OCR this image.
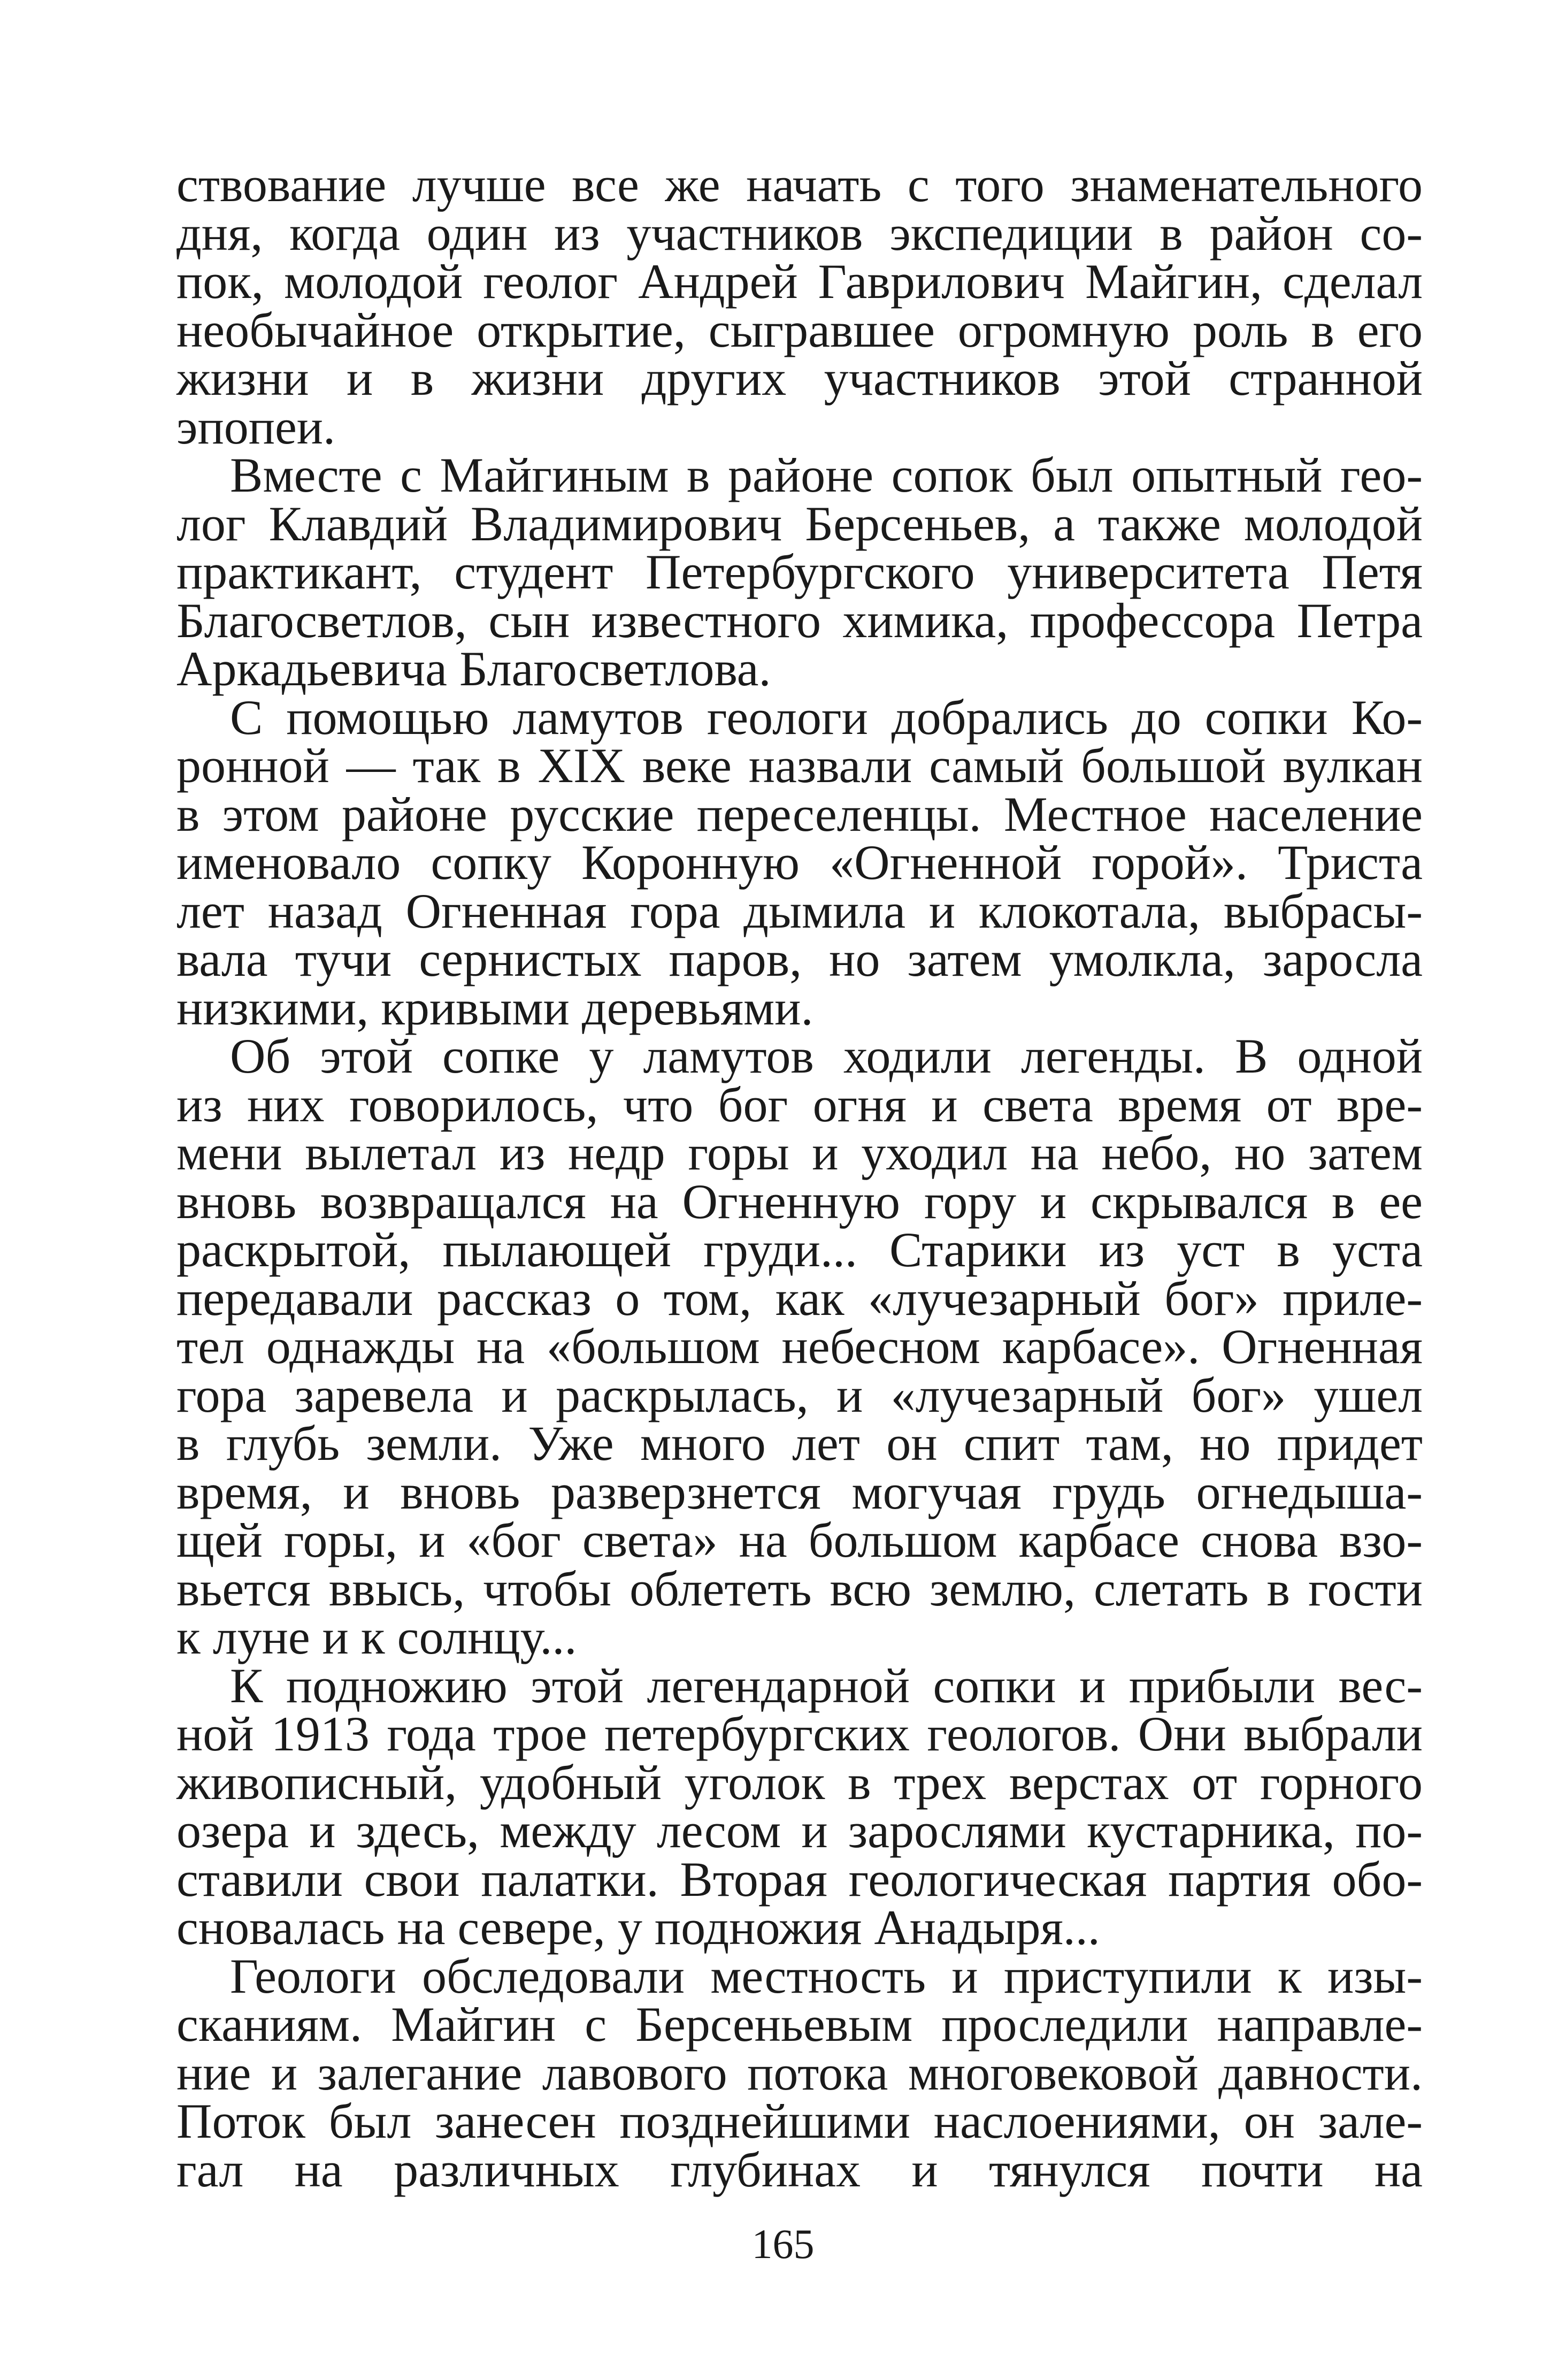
ствование лучше все же начать с того знаменательного
дня, когда один из участников экспедиции в район со-
пок, молодой геолог Андрей Гаврилович Майгин, сделал
необычайное открытие, сыгравшее огромную роль в его
жизни и в жизни других участников этой странной
эпопеи.

Вместе с Майгиным в районе сопок был опытный гео-
лог Клавдий Владимирович Берсеньев, а также молодой
практикант, студент Петербургского университета Петя
Благосветлов, сын известного химика, профессора Петра
Аркадьевича Благосветлова.

С помощью ламутов геологи добрались до сопки Ко-
ронной — так в XIX веке назвали самый большой вулкан
в этом районе русские переселенцы. Местное население
именовало сопку Коронную «Огненной горой». Триста
лет назад Огненная гора дымила и клокотала, выбрасы-
вала тучи сернистых паров, но затем умолкла, заросла
низкими, кривыми деревьями.

Об этой сопке у ламутов ходили легенды. В одной
из них говорилось, что бог огня и света время от вре-
мени вылетал из недр горы и уходил на небо, но затем
вновь возвращался на Огненную гору и скрывался в ее
раскрытой, пылающей груди... Старики из уст в уста
передавали рассказ о том, как «лучезарный бог» приле-
тел однажды на «большом небесном карбасе». Огненная
гора заревела и раскрылась, и «лучезарный бог» ушел
в глубь земли. Уже много лет он спит там, но придет
время, и вновь разверзнется могучая грудь огнедыша-
щей горы, и «бог света» на большом карбасе снова взо-
вьется ввысь, чтобы облететь всю землю, слетать в гости
к луне и к солнцу...

К подножию этой легендарной сопки и прибыли вес-
ной 1913 года трое петербургских геологов. Они выбрали
живописный, удобный уголок в трех верстах от горного
озера и здесь, между лесом и зарослями кустарника, по-
ставили свои палатки. Вторая геологическая партия обо-
сновалась на севере, у подножия Анадыря...

Геологи обследовали местность и приступили к изы-
сканиям. Майгин с Берсеньевым проследили направле-
ние и залегание лавового потока многовековой давности.
Поток был занесен позднейшими наслоениями, он зале-
гал на различных глубинах и тянулся почти на

165
